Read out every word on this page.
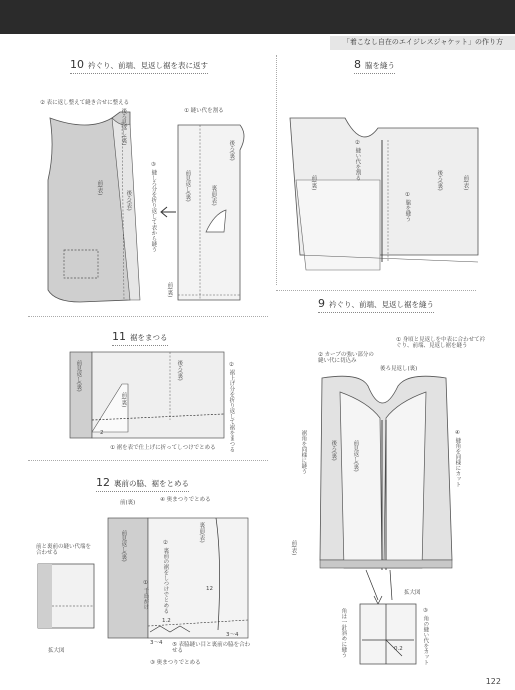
「着こなし自在のエイジレスジャケット」の作り方
10 衿ぐり、前端、見返し裾を表に返す
② 表に返し整えて縫き合せに整える
後ろ見返し(裏)
③ 縫しろ分を折り返して表から縫う
前(表)
後ろ(表)
① 縫い代を割る
後ろ(裏)
前見返し(裏)	裏前(表)
前(裏)
8 脇を縫う
② 縫い代を割る	後ろ(裏)
前(裏)
① 脇を縫う
前(表)
9 衿ぐり、前端、見返し裾を縫う
① 身頃と見返しを中表に合わせて衿ぐり、前端、見返し裾を縫う
② カーブの強い部分の縫い代に切込み
後ろ見返し(裏)
裾角を同様に縫う	④ 縫角を同様にカット
前見返し(裏)
後ろ(裏)
前(表)
拡大図
角は一針斜めに縫う	③ 角の縫い代をカット
0.2
11 裾をまつる
前見返し(裏)	後ろ(裏)	② 裾上げ分を折り返して裾をまつる
前(裏)
① 裾を表で仕上げに折ってしつけでとめる
2
12 裏前の脇、裾をとめる
前(裏)	④ 奥まつりでとめる
裏前(表)
前見返し(裏)	② 裏前の裾をしつけでとめる
① 千鳥がけ
⑤ 表脇縫い目と裏前の脇を合わせる
③ 奥まつりでとめる
前と裏前の縫い代端を合わせる
拡大図
12
1.2
3〜4
3〜4
122
